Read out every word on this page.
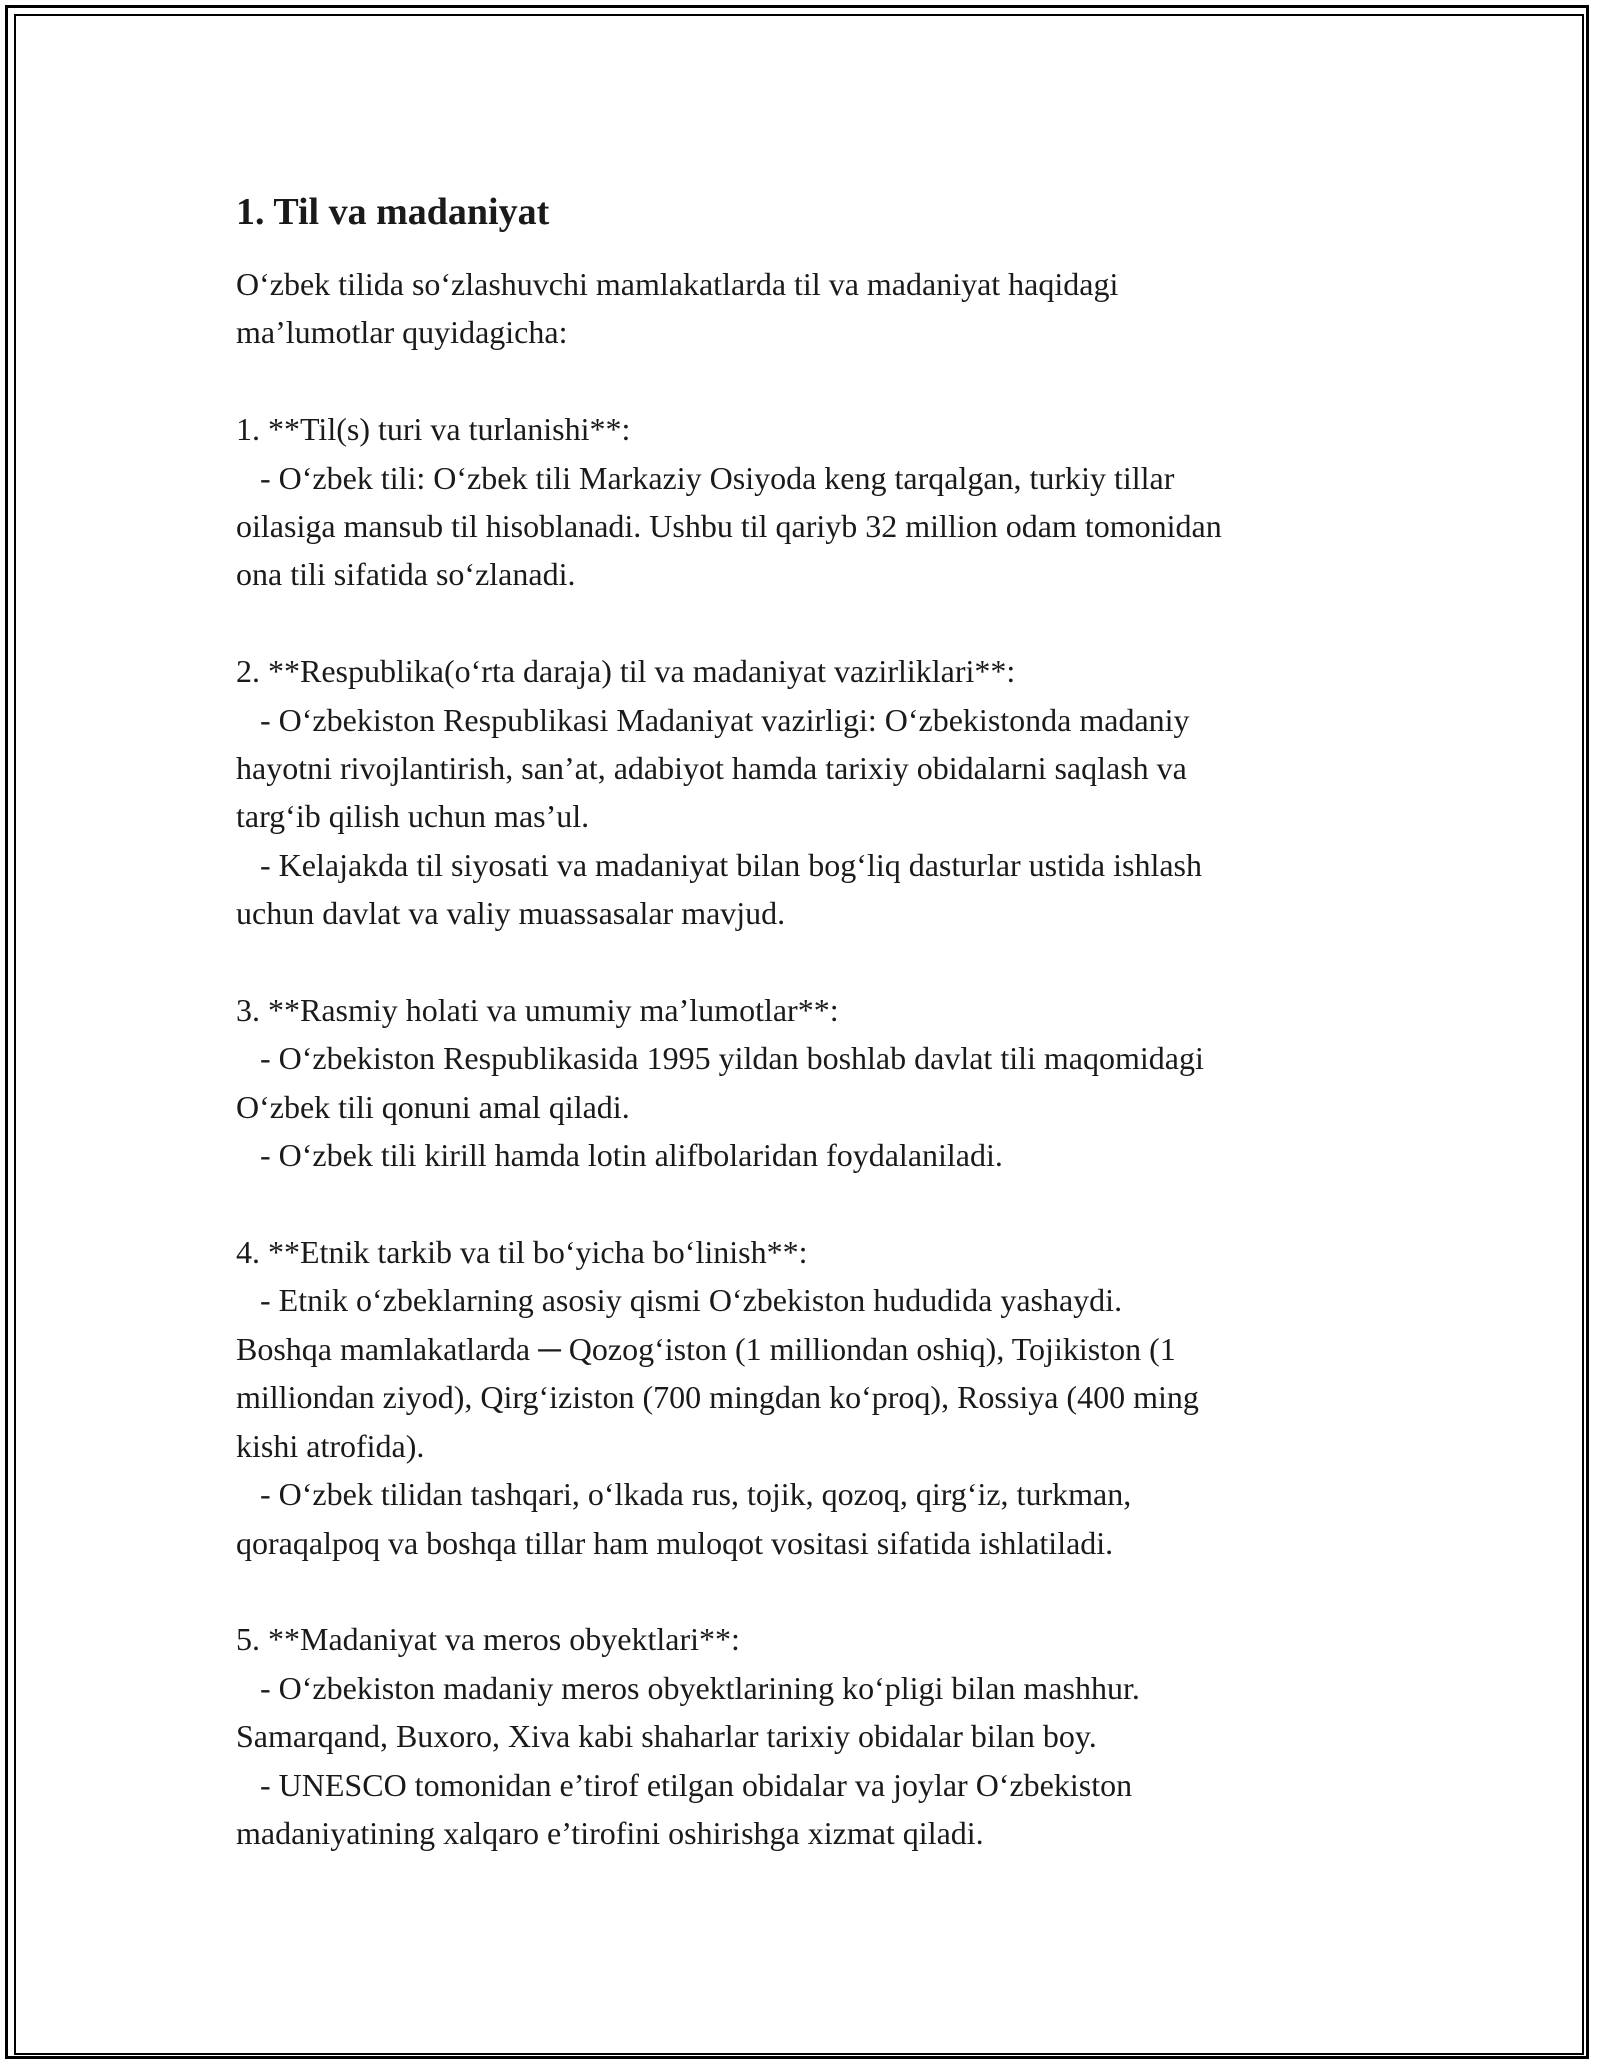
1. Til va madaniyat
O‘zbek tilida so‘zlashuvchi mamlakatlarda til va madaniyat haqidagi
ma’lumotlar quyidagicha:
1. **Til(s) turi va turlanishi**:
- O‘zbek tili: O‘zbek tili Markaziy Osiyoda keng tarqalgan, turkiy tillar
oilasiga mansub til hisoblanadi. Ushbu til qariyb 32 million odam tomonidan
ona tili sifatida so‘zlanadi.
2. **Respublika(o‘rta daraja) til va madaniyat vazirliklari**:
- O‘zbekiston Respublikasi Madaniyat vazirligi: O‘zbekistonda madaniy
hayotni rivojlantirish, san’at, adabiyot hamda tarixiy obidalarni saqlash va
targ‘ib qilish uchun mas’ul.
- Kelajakda til siyosati va madaniyat bilan bog‘liq dasturlar ustida ishlash
uchun davlat va valiy muassasalar mavjud.
3. **Rasmiy holati va umumiy ma’lumotlar**:
- O‘zbekiston Respublikasida 1995 yildan boshlab davlat tili maqomidagi
O‘zbek tili qonuni amal qiladi.
- O‘zbek tili kirill hamda lotin alifbolaridan foydalaniladi.
4. **Etnik tarkib va til bo‘yicha bo‘linish**:
- Etnik o‘zbeklarning asosiy qismi O‘zbekiston hududida yashaydi.
Boshqa mamlakatlarda ─ Qozog‘iston (1 milliondan oshiq), Tojikiston (1
milliondan ziyod), Qirg‘iziston (700 mingdan ko‘proq), Rossiya (400 ming
kishi atrofida).
- O‘zbek tilidan tashqari, o‘lkada rus, tojik, qozoq, qirg‘iz, turkman,
qoraqalpoq va boshqa tillar ham muloqot vositasi sifatida ishlatiladi.
5. **Madaniyat va meros obyektlari**:
- O‘zbekiston madaniy meros obyektlarining ko‘pligi bilan mashhur.
Samarqand, Buxoro, Xiva kabi shaharlar tarixiy obidalar bilan boy.
- UNESCO tomonidan e’tirof etilgan obidalar va joylar O‘zbekiston
madaniyatining xalqaro e’tirofini oshirishga xizmat qiladi.
